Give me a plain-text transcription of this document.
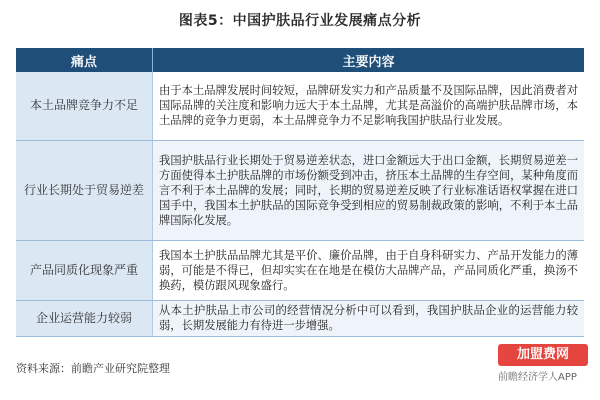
图表5：中国护肤品行业发展痛点分析
痛点	主要内容
本土品牌竞争力不足	由于本土品牌发展时间较短，品牌研发实力和产品质量不及国际品牌，因此消费者对国际品牌的关注度和影响力远大于本土品牌，尤其是高溢价的高端护肤品牌市场，本土品牌的竞争力更弱，本土品牌竞争力不足影响我国护肤品行业发展。
行业长期处于贸易逆差	我国护肤品行业长期处于贸易逆差状态，进口金额远大于出口金额，长期贸易逆差一方面使得本土护肤品牌的市场份额受到冲击，挤压本土品牌的生存空间，某种角度而言不利于本土品牌的发展；同时，长期的贸易逆差反映了行业标准话语权掌握在进口国手中，我国本土护肤品的国际竞争受到相应的贸易制裁政策的影响，不利于本土品牌国际化发展。
产品同质化现象严重	我国本土护肤品品牌尤其是平价、廉价品牌，由于自身科研实力、产品开发能力的薄弱，可能是不得已，但却实实在在地是在模仿大品牌产品，产品同质化严重，换汤不换药，模仿跟风现象盛行。
企业运营能力较弱	从本土护肤品上市公司的经营情况分析中可以看到，我国护肤品企业的运营能力较弱，长期发展能力有待进一步增强。
资料来源：前瞻产业研究院整理
加盟费网
前瞻经济学人APP
